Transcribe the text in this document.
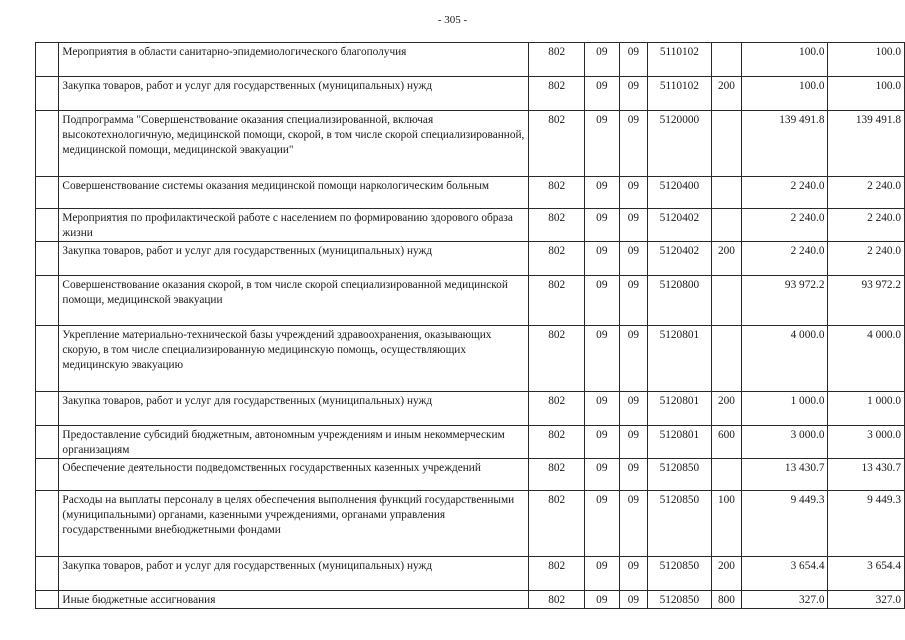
- 305 -
	Мероприятия в области санитарно-эпидемиологического благополучия	802	09	09	5110102		100.0	100.0
	Закупка товаров, работ и услуг для государственных (муниципальных) нужд	802	09	09	5110102	200	100.0	100.0
	Подпрограмма "Совершенствование оказания специализированной, включая высокотехнологичную, медицинской помощи, скорой, в том числе скорой специализированной, медицинской помощи, медицинской эвакуации"	802	09	09	5120000		139 491.8	139 491.8
	Совершенствование системы оказания медицинской помощи наркологическим больным	802	09	09	5120400		2 240.0	2 240.0
	Мероприятия по профилактической работе с населением по формированию здорового образа жизни	802	09	09	5120402		2 240.0	2 240.0
	Закупка товаров, работ и услуг для государственных (муниципальных) нужд	802	09	09	5120402	200	2 240.0	2 240.0
	Совершенствование оказания скорой, в том числе скорой специализированной медицинской помощи, медицинской эвакуации	802	09	09	5120800		93 972.2	93 972.2
	Укрепление материально-технической базы учреждений здравоохранения, оказывающих скорую, в том числе специализированную медицинскую помощь, осуществляющих медицинскую эвакуацию	802	09	09	5120801		4 000.0	4 000.0
	Закупка товаров, работ и услуг для государственных (муниципальных) нужд	802	09	09	5120801	200	1 000.0	1 000.0
	Предоставление субсидий бюджетным, автономным учреждениям и иным некоммерческим организациям	802	09	09	5120801	600	3 000.0	3 000.0
	Обеспечение деятельности подведомственных государственных казенных учреждений	802	09	09	5120850		13 430.7	13 430.7
	Расходы на выплаты персоналу в целях обеспечения выполнения функций государственными (муниципальными) органами, казенными учреждениями, органами управления государственными внебюджетными фондами	802	09	09	5120850	100	9 449.3	9 449.3
	Закупка товаров, работ и услуг для государственных (муниципальных) нужд	802	09	09	5120850	200	3 654.4	3 654.4
	Иные бюджетные ассигнования	802	09	09	5120850	800	327.0	327.0
